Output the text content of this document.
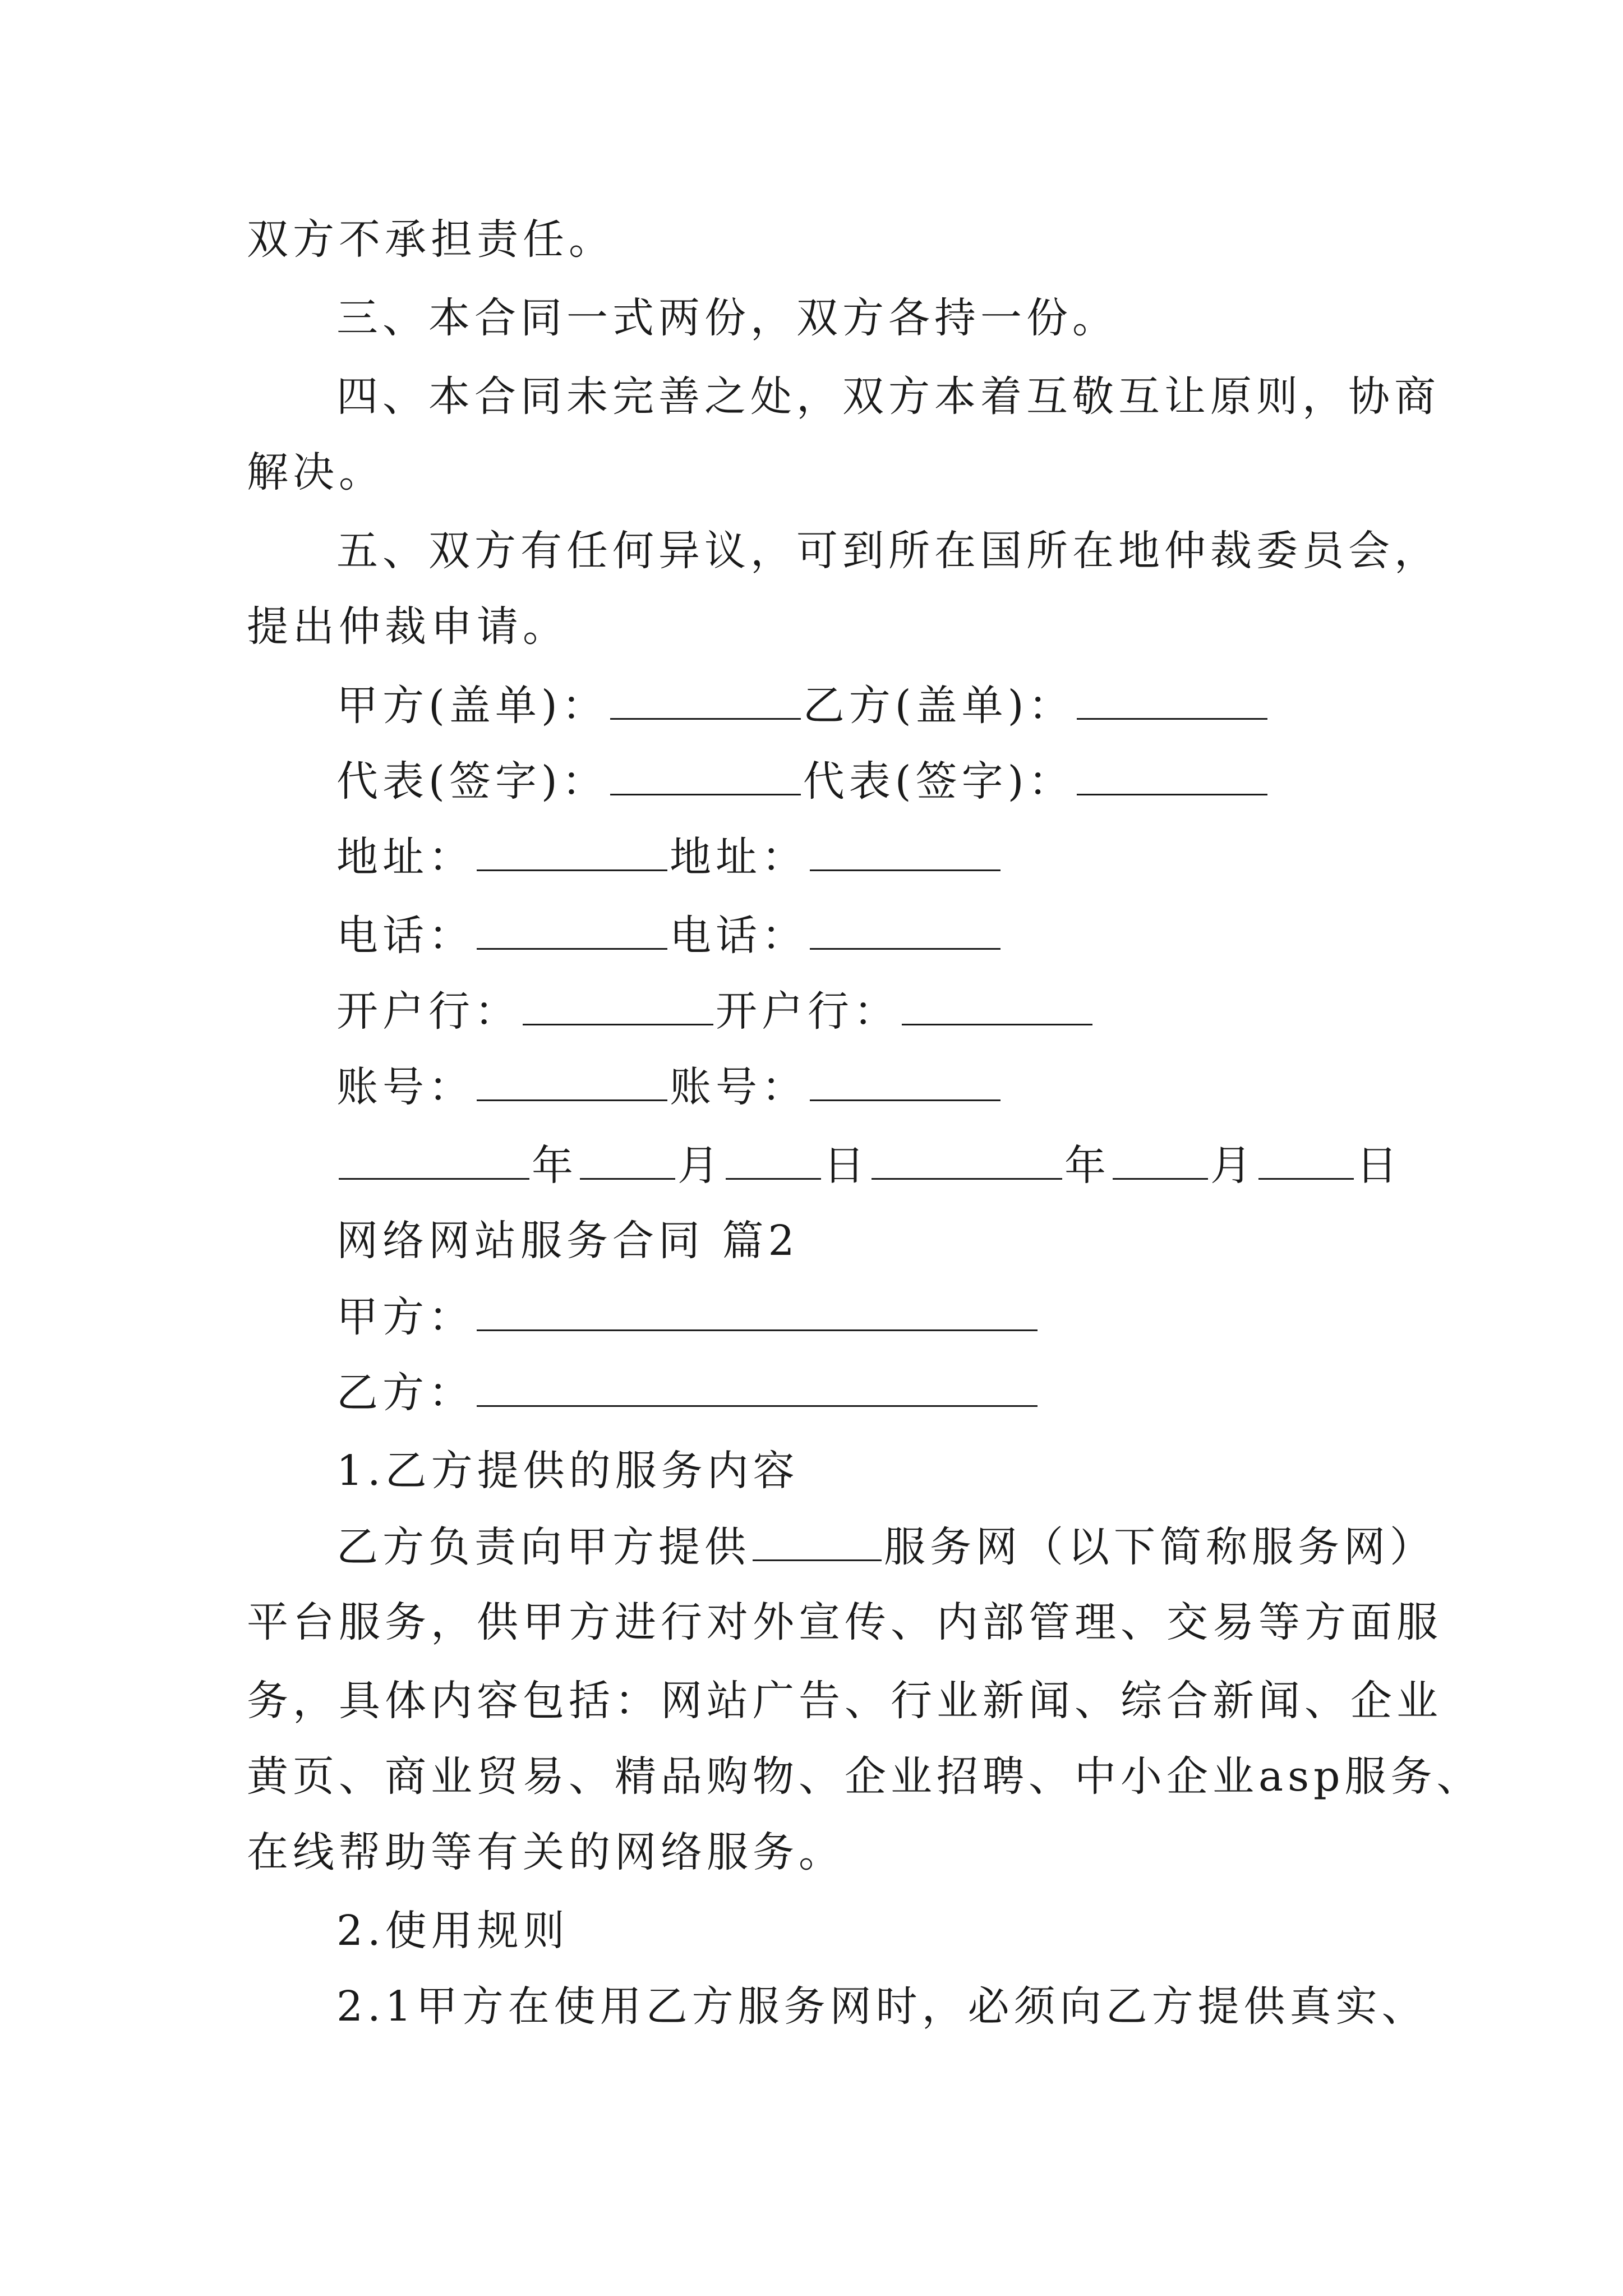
双方不承担责任。
三、本合同一式两份，双方各持一份。
四、本合同未完善之处，双方本着互敬互让原则，协商
解决。
五、双方有任何异议，可到所在国所在地仲裁委员会，
提出仲裁申请。
甲方(盖单)：	乙方(盖单)：
代表(签字)：	代表(签字)：
地址：	地址：
电话：	电话：
开户行：	开户行：
账号：	账号：
年 月 日	年 月 日
网络网站服务合同 篇2
甲方：
乙方：
1.乙方提供的服务内容
乙方负责向甲方提供	服务网（以下简称服务网）
平台服务，供甲方进行对外宣传、内部管理、交易等方面服
务，具体内容包括：网站广告、行业新闻、综合新闻、企业
黄页、商业贸易、精品购物、企业招聘、中小企业asp服务、
在线帮助等有关的网络服务。
2.使用规则
2.1甲方在使用乙方服务网时，必须向乙方提供真实、
